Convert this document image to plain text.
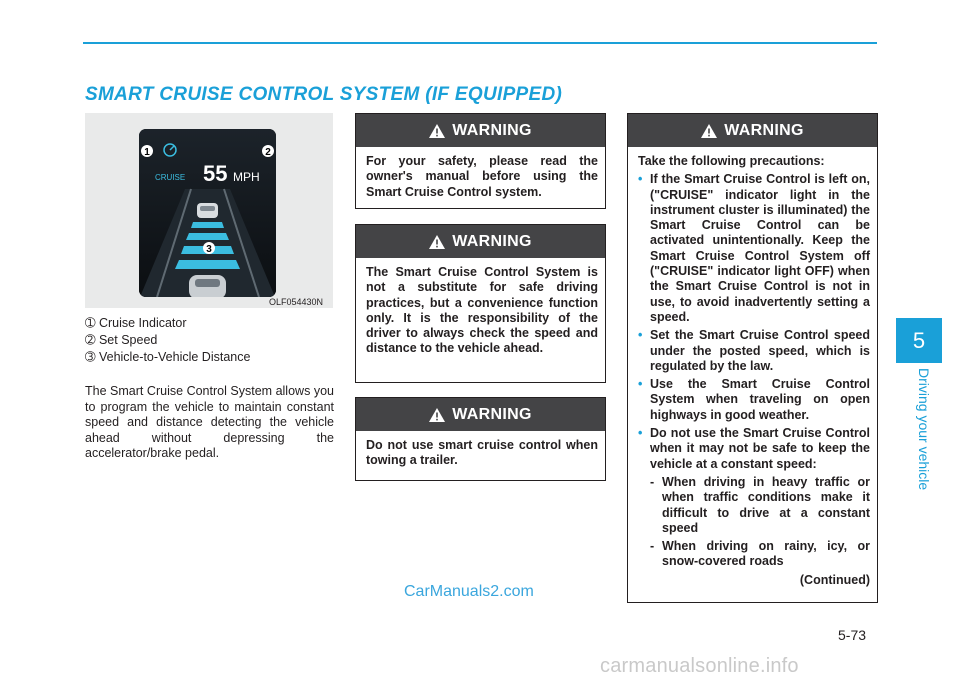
SMART CRUISE CONTROL SYSTEM (IF EQUIPPED)
5
Driving your vehicle
1	2
3
CRUISE 55 MPH
OLF054430N
➀ Cruise Indicator
➁ Set Speed
➂ Vehicle-to-Vehicle Distance
The Smart Cruise Control System allows you to program the vehicle to maintain constant speed and distance detecting the vehicle ahead without depressing the accelerator/brake pedal.
WARNING
For your safety, please read the owner's manual before using the Smart Cruise Control system.
WARNING
The Smart Cruise Control System is not a substitute for safe driving practices, but a convenience function only. It is the responsibility of the driver to always check the speed and distance to the vehicle ahead.
WARNING
Do not use smart cruise control when towing a trailer.
WARNING
Take the following precautions:
• If the Smart Cruise Control is left on, ("CRUISE" indicator light in the instrument cluster is illuminated) the Smart Cruise Control can be activated unintentionally. Keep the Smart Cruise Control System off ("CRUISE" indicator light OFF) when the Smart Cruise Control is not in use, to avoid inadvertently setting a speed.
• Set the Smart Cruise Control speed under the posted speed, which is regulated by the law.
• Use the Smart Cruise Control System when traveling on open highways in good weather.
• Do not use the Smart Cruise Control when it may not be safe to keep the vehicle at a constant speed:
- When driving in heavy traffic or when traffic conditions make it difficult to drive at a constant speed
- When driving on rainy, icy, or snow-covered roads
(Continued)
CarManuals2.com
5-73
carmanualsonline.info
